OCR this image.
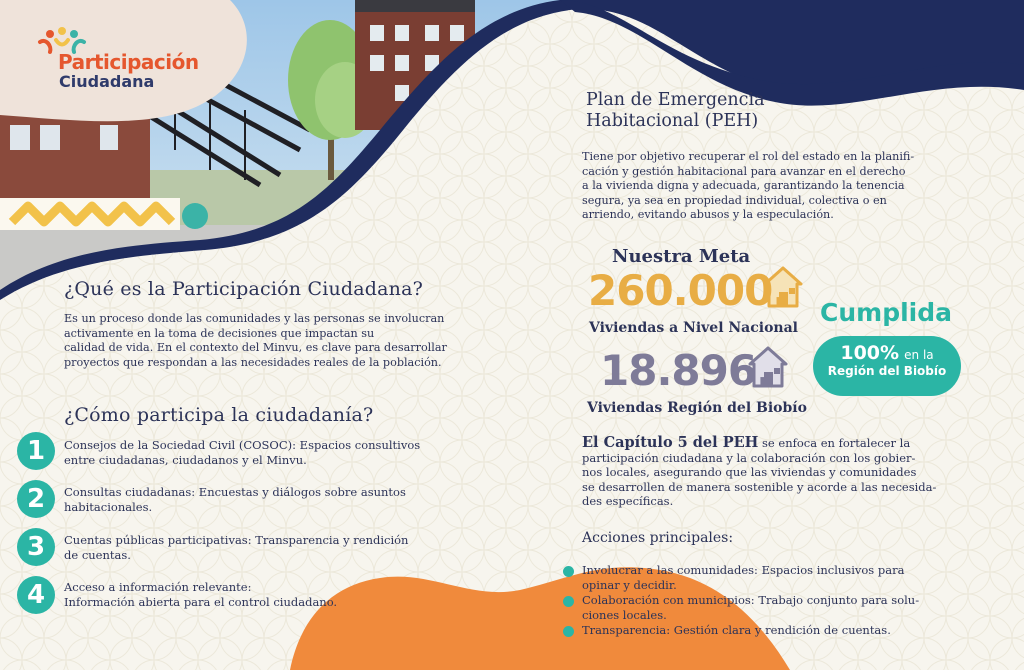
Participación
Ciudadana
¿Qué es la Participación Ciudadana?
Es un proceso donde las comunidades y las personas se involucran
activamente en la toma de decisiones que impactan su
calidad de vida. En el contexto del Minvu, es clave para desarrollar
proyectos que respondan a las necesidades reales de la población.
¿Cómo participa la ciudadanía?
1	Consejos de la Sociedad Civil (COSOC): Espacios consultivos
entre ciudadanas, ciudadanos y el Minvu.
2	Consultas ciudadanas: Encuestas y diálogos sobre asuntos
habitacionales.
3	Cuentas públicas participativas: Transparencia y rendición
de cuentas.
4	Acceso a información relevante:
Información abierta para el control ciudadano.
Plan de Emergencia
Habitacional (PEH)
Tiene por objetivo recuperar el rol del estado en la planifi-
cación y gestión habitacional para avanzar en el derecho
a la vivienda digna y adecuada, garantizando la tenencia
segura, ya sea en propiedad individual, colectiva o en
arriendo, evitando abusos y la especulación.
Nuestra Meta
260.000.
Viviendas a Nivel Nacional
18.896.
Viviendas Región del Biobío
Cumplida
100% en la
Región del Biobío
El Capítulo 5 del PEH se enfoca en fortalecer la
participación ciudadana y la colaboración con los gobier-
nos locales, asegurando que las viviendas y comunidades
se desarrollen de manera sostenible y acorde a las necesida-
des específicas.
Acciones principales:
Involucrar a las comunidades: Espacios inclusivos para
opinar y decidir.
Colaboración con municipios: Trabajo conjunto para solu-
ciones locales.
Transparencia: Gestión clara y rendición de cuentas.
